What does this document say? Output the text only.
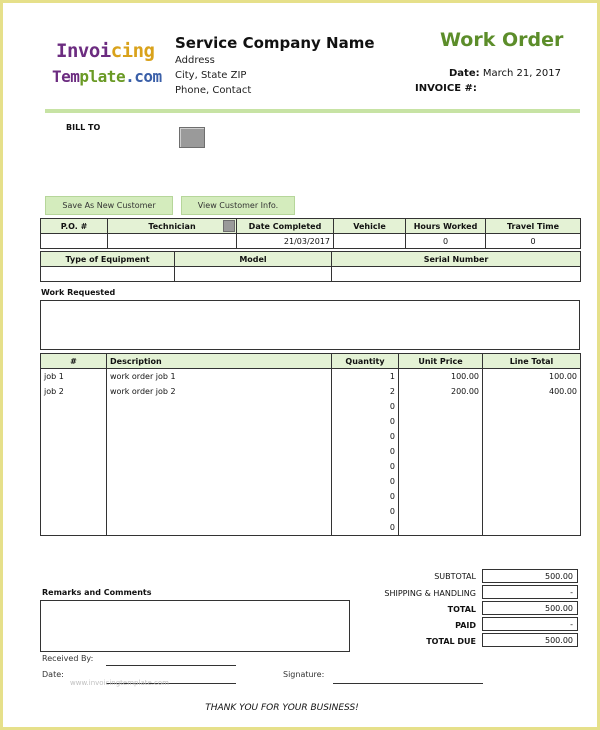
Invoicing
Template.com
Service Company Name
Address
City, State ZIP
Phone, Contact
Work Order
Date: March 21, 2017
INVOICE #:
BILL TO
Save As New Customer	View Customer Info.
P.O. #	Technician	Date Completed	Vehicle	Hours Worked	Travel Time
		21/03/2017		0	0
Type of Equipment	Model	Serial Number

Work Requested
#	Description	Quantity	Unit Price	Line Total
job 1	work order job 1	1	100.00	100.00
job 2	work order job 2	2	200.00	400.00
		0		
		0		
		0		
		0		
		0		
		0		
		0		
		0		
		0		
Remarks and Comments
SUBTOTAL	500.00
SHIPPING & HANDLING	-
TOTAL	500.00
PAID	-
TOTAL DUE	500.00
Received By:
Date:	Signature:
www.invoicingtemplate.com
THANK YOU FOR YOUR BUSINESS!
